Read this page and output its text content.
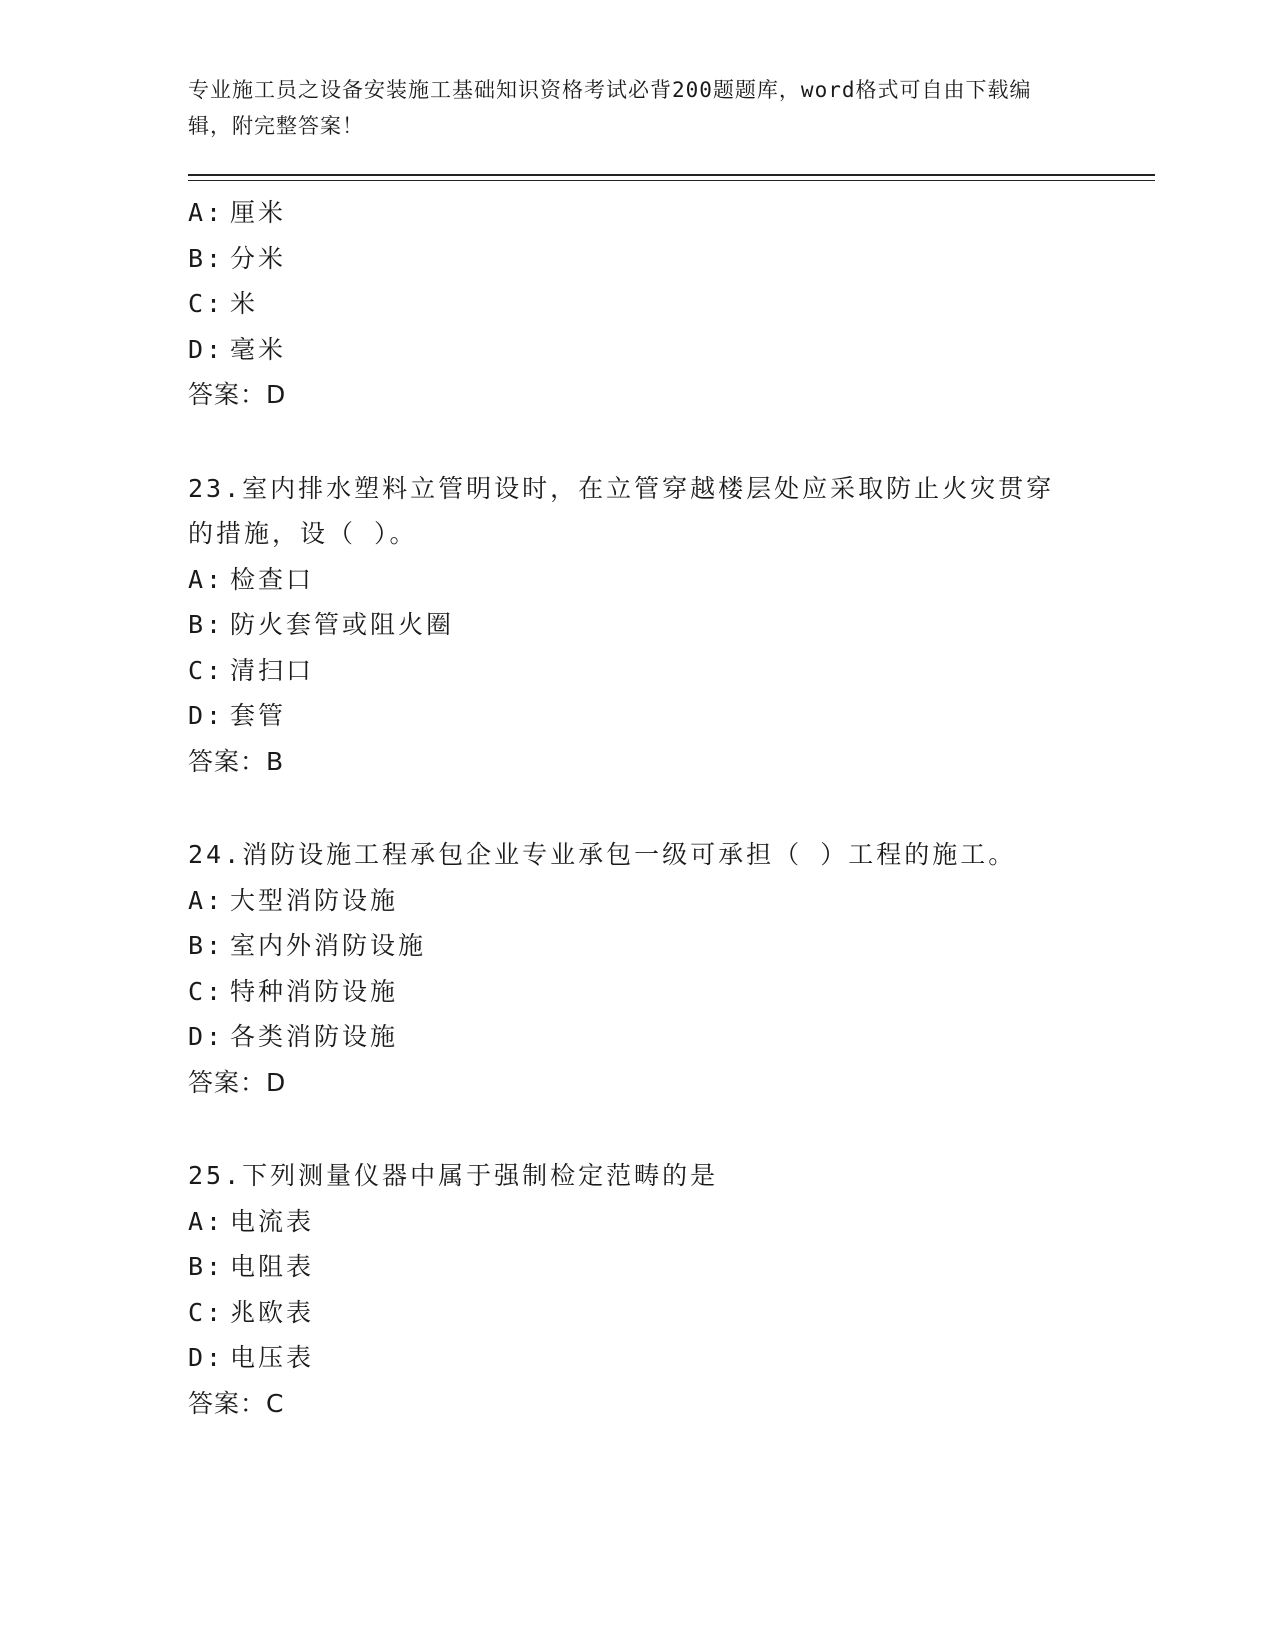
专业施工员之设备安装施工基础知识资格考试必背200题题库，word格式可自由下载编辑，附完整答案！
A: 厘米
B: 分米
C: 米
D: 毫米
答案：D
23.室内排水塑料立管明设时，在立管穿越楼层处应采取防止火灾贯穿的措施，设（ ）。
A: 检查口
B: 防火套管或阻火圈
C: 清扫口
D: 套管
答案：B
24.消防设施工程承包企业专业承包一级可承担（ ）工程的施工。
A: 大型消防设施
B: 室内外消防设施
C: 特种消防设施
D: 各类消防设施
答案：D
25.下列测量仪器中属于强制检定范畴的是
A: 电流表
B: 电阻表
C: 兆欧表
D: 电压表
答案：C
